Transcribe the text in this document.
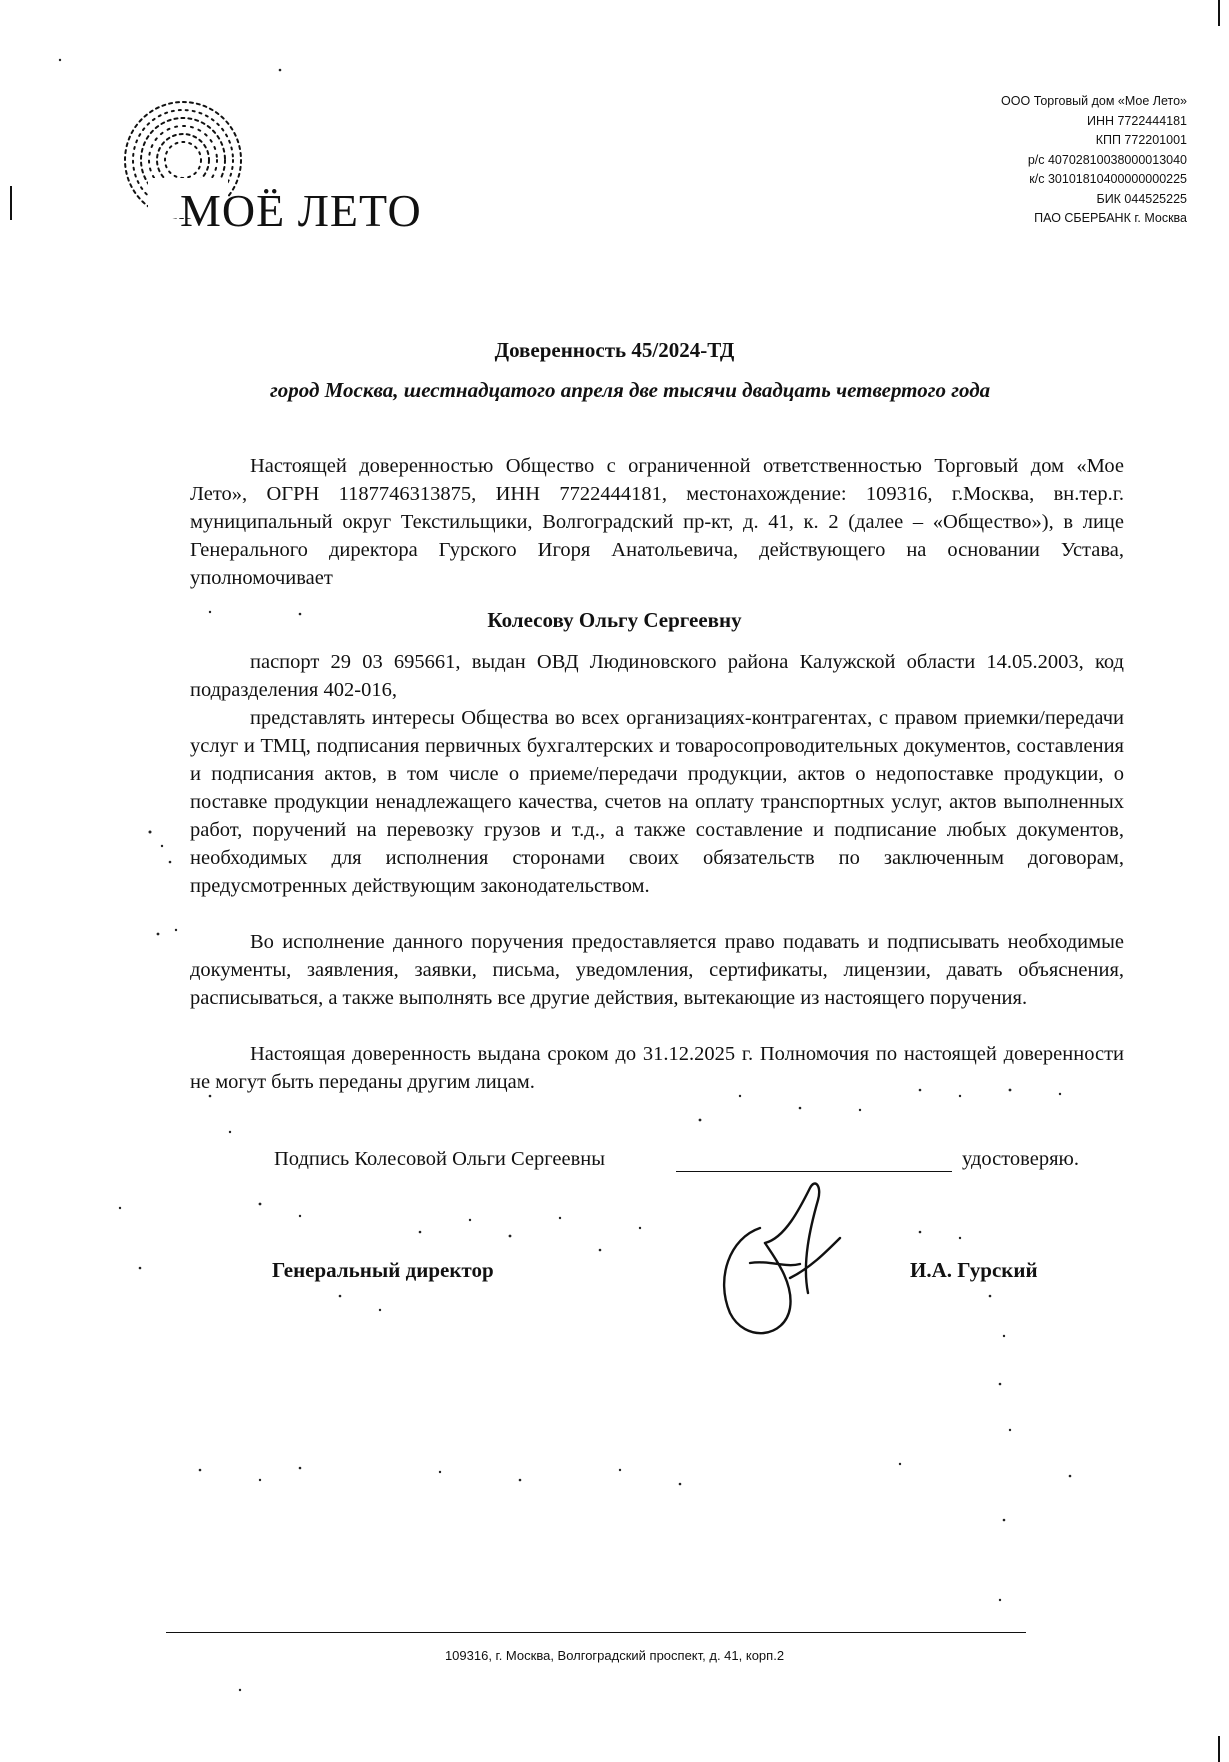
МОЁ ЛЕТО
ООО Торговый дом «Мое Лето»
ИНН 7722444181
КПП 772201001
р/с 40702810038000013040
к/с 30101810400000000225
БИК 044525225
ПАО СБЕРБАНК г. Москва
Доверенность 45/2024-ТД
город Москва, шестнадцатого апреля две тысячи двадцать четвертого года

Настоящей доверенностью Общество с ограниченной ответственностью Торговый дом «Мое Лето», ОГРН 1187746313875, ИНН 7722444181, местонахождение: 109316, г.Москва, вн.тер.г. муниципальный округ Текстильщики, Волгоградский пр-кт, д. 41, к. 2 (далее – «Общество»), в лице Генерального директора Гурского Игоря Анатольевича, действующего на основании Устава, уполномочивает

Колесову Ольгу Сергеевну

паспорт 29 03 695661, выдан ОВД Людиновского района Калужской области 14.05.2003, код подразделения 402-016,

представлять интересы Общества во всех организациях-контрагентах, с правом приемки/передачи услуг и ТМЦ, подписания первичных бухгалтерских и товаросопроводительных документов, составления и подписания актов, в том числе о приеме/передачи продукции, актов о недопоставке продукции, о поставке продукции ненадлежащего качества, счетов на оплату транспортных услуг, актов выполненных работ, поручений на перевозку грузов и т.д., а также составление и подписание любых документов, необходимых для исполнения сторонами своих обязательств по заключенным договорам, предусмотренных действующим законодательством.

Во исполнение данного поручения предоставляется право подавать и подписывать необходимые документы, заявления, заявки, письма, уведомления, сертификаты, лицензии, давать объяснения, расписываться, а также выполнять все другие действия, вытекающие из настоящего поручения.

Настоящая доверенность выдана сроком до 31.12.2025 г. Полномочия по настоящей доверенности не могут быть переданы другим лицам.

Подпись Колесовой Ольги Сергеевны	удостоверяю.
Генеральный директор	И.А. Гурский
109316, г. Москва, Волгоградский проспект, д. 41, корп.2
